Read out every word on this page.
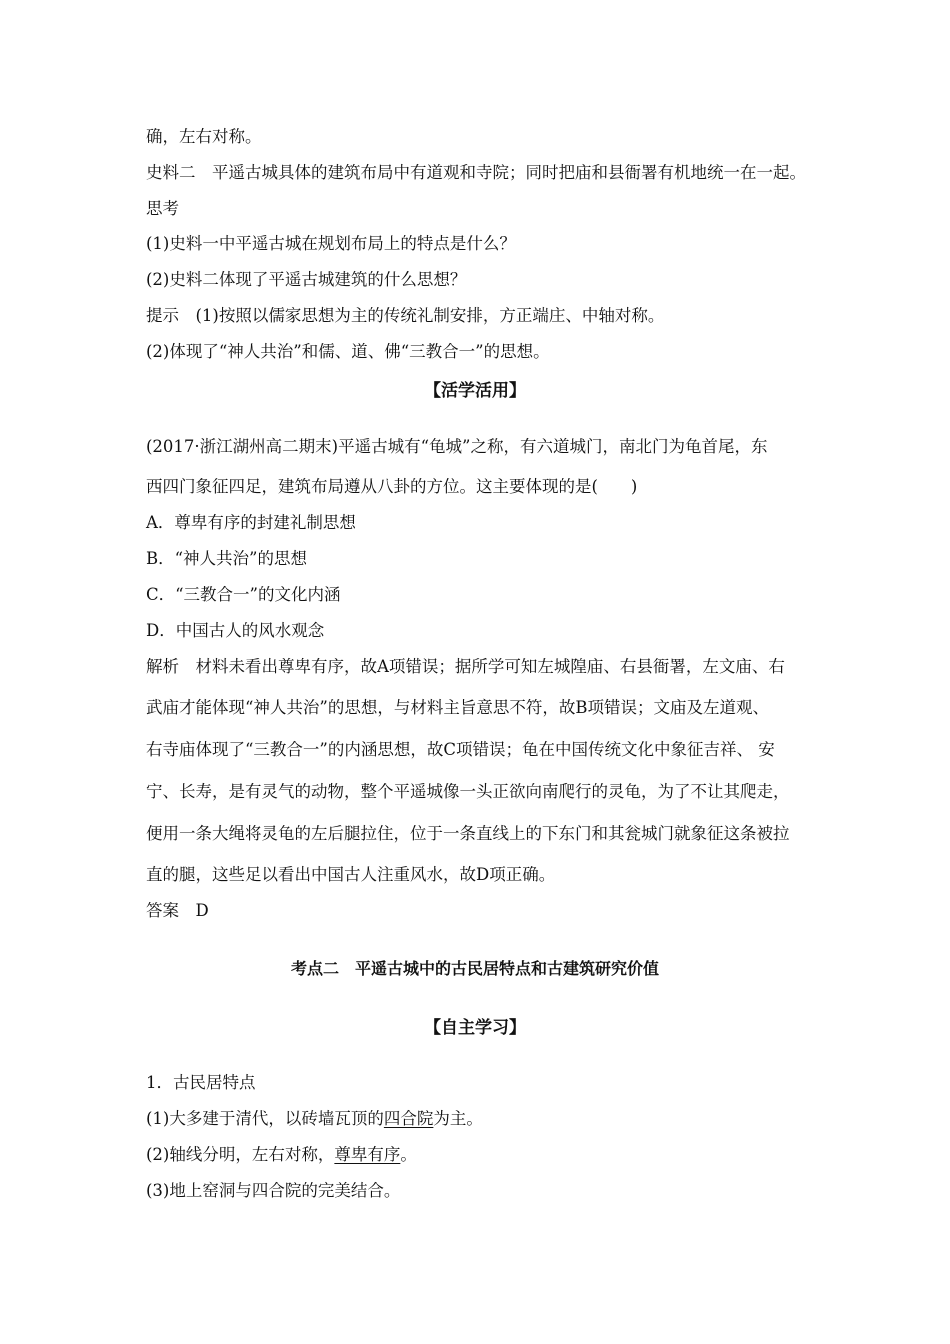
确，左右对称。
史料二　平遥古城具体的建筑布局中有道观和寺院；同时把庙和县衙署有机地统一在一起。
思考
(1)史料一中平遥古城在规划布局上的特点是什么？
(2)史料二体现了平遥古城建筑的什么思想？
提示　(1)按照以儒家思想为主的传统礼制安排，方正端庄、中轴对称。
(2)体现了“神人共治”和儒、道、佛“三教合一”的思想。
【活学活用】
(2017·浙江湖州高二期末)平遥古城有“龟城”之称，有六道城门，南北门为龟首尾，东
西四门象征四足，建筑布局遵从八卦的方位。这主要体现的是(　　)
A．尊卑有序的封建礼制思想
B．“神人共治”的思想
C．“三教合一”的文化内涵
D．中国古人的风水观念
解析　材料未看出尊卑有序，故A项错误；据所学可知左城隍庙、右县衙署，左文庙、右
武庙才能体现“神人共治”的思想，与材料主旨意思不符，故B项错误；文庙及左道观、
右寺庙体现了“三教合一”的内涵思想，故C项错误；龟在中国传统文化中象征吉祥、 安
宁、长寿，是有灵气的动物，整个平遥城像一头正欲向南爬行的灵龟，为了不让其爬走，
便用一条大绳将灵龟的左后腿拉住，位于一条直线上的下东门和其瓮城门就象征这条被拉
直的腿，这些足以看出中国古人注重风水，故D项正确。
答案　D
考点二　平遥古城中的古民居特点和古建筑研究价值
【自主学习】
1．古民居特点
(1)大多建于清代，以砖墙瓦顶的四合院为主。
(2)轴线分明，左右对称，尊卑有序。
(3)地上窑洞与四合院的完美结合。
